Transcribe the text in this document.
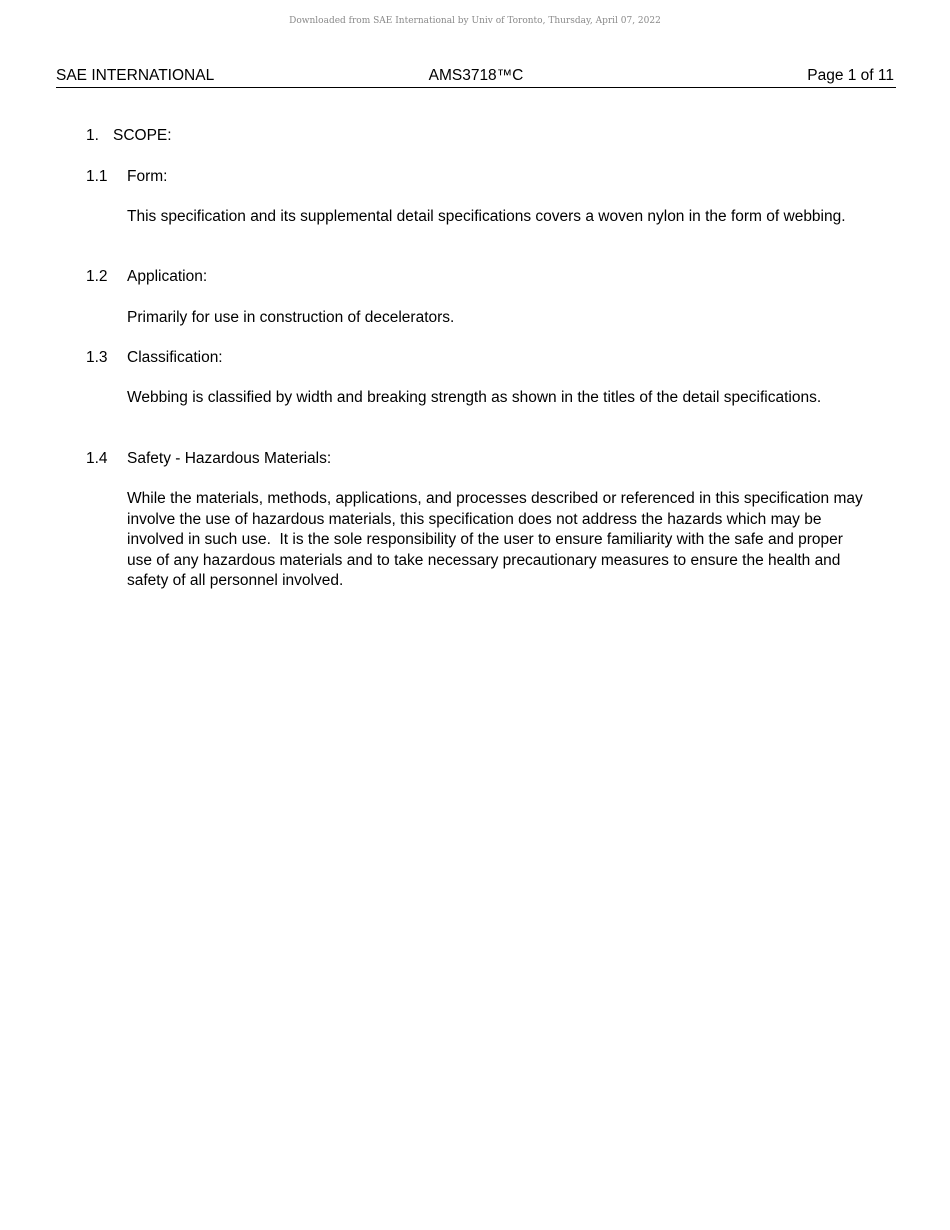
Downloaded from SAE International by Univ of Toronto, Thursday, April 07, 2022
SAE INTERNATIONAL	AMS3718™C	Page 1 of 11
1. SCOPE:
1.1 Form:
This specification and its supplemental detail specifications covers a woven nylon in the form of webbing.
1.2 Application:
Primarily for use in construction of decelerators.
1.3 Classification:
Webbing is classified by width and breaking strength as shown in the titles of the detail specifications.
1.4 Safety - Hazardous Materials:
While the materials, methods, applications, and processes described or referenced in this specification may involve the use of hazardous materials, this specification does not address the hazards which may be involved in such use.  It is the sole responsibility of the user to ensure familiarity with the safe and proper use of any hazardous materials and to take necessary precautionary measures to ensure the health and safety of all personnel involved.
